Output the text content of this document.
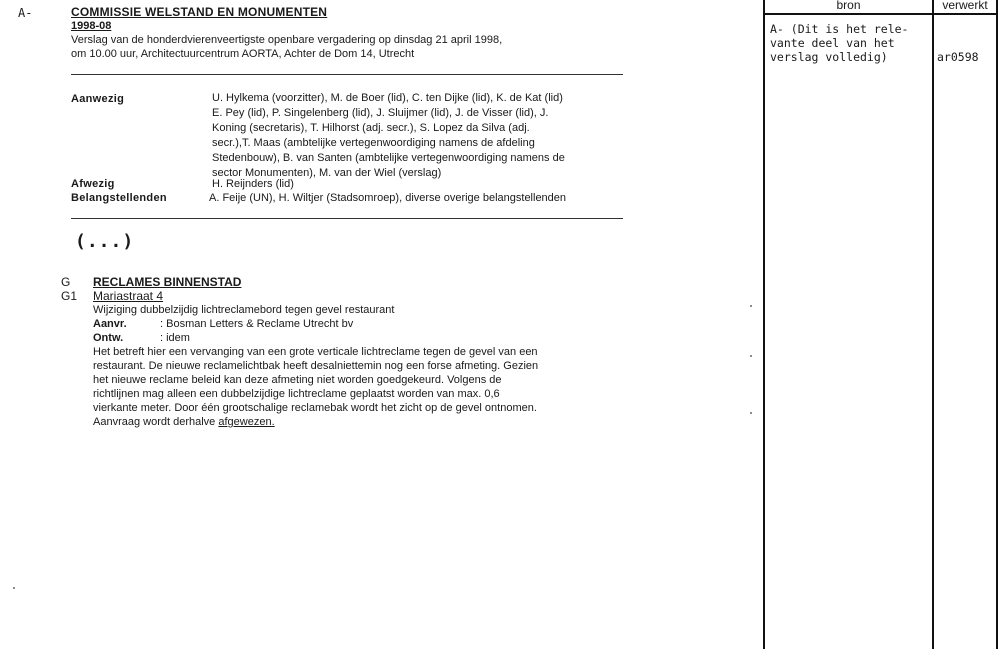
A-	COMMISSIE WELSTAND EN MONUMENTEN
1998-08
Verslag van de honderdvierenveertigste openbare vergadering op dinsdag 21 april 1998,
om 10.00 uur, Architectuurcentrum AORTA, Achter de Dom 14, Utrecht
Aanwezig	U. Hylkema (voorzitter), M. de Boer (lid), C. ten Dijke (lid), K. de Kat (lid)
E. Pey (lid), P. Singelenberg (lid), J. Sluijmer (lid), J. de Visser (lid), J.
Koning (secretaris), T. Hilhorst (adj. secr.), S. Lopez da Silva (adj.
secr.),T. Maas (ambtelijke vertegenwoordiging namens de afdeling
Stedenbouw), B. van Santen (ambtelijke vertegenwoordiging namens de
sector Monumenten), M. van der Wiel (verslag)
Afwezig	H. Reijnders (lid)
Belangstellenden	A. Feije (UN), H. Wiltjer (Stadsomroep), diverse overige belangstellenden
(...)
G RECLAMES BINNENSTAD
G1 Mariastraat 4
Wijziging dubbelzijdig lichtreclamebord tegen gevel restaurant
Aanvr.	: Bosman Letters & Reclame Utrecht bv
Ontw.	: idem
Het betreft hier een vervanging van een grote verticale lichtreclame tegen de gevel van een
restaurant. De nieuwe reclamelichtbak heeft desalniettemin nog een forse afmeting. Gezien
het nieuwe reclame beleid kan deze afmeting niet worden goedgekeurd. Volgens de
richtlijnen mag alleen een dubbelzijdige lichtreclame geplaatst worden van max. 0,6
vierkante meter. Door één grootschalige reclamebak wordt het zicht op de gevel ontnomen.
Aanvraag wordt derhalve afgewezen.
bron	verwerkt
A- (Dit is het rele-
vante deel van het
verslag volledig)	ar0598
